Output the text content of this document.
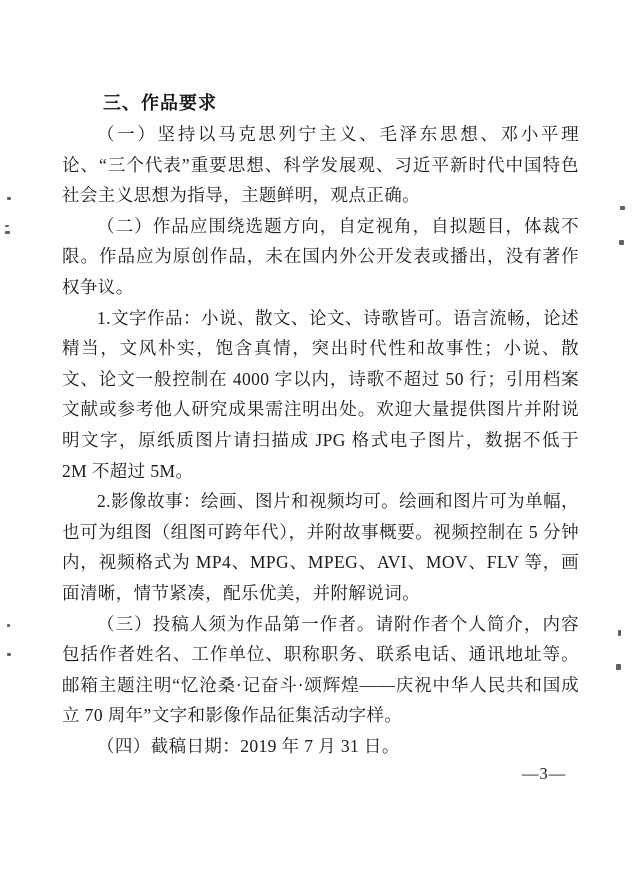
三、作品要求

（一）坚持以马克思列宁主义、毛泽东思想、邓小平理论、“三个代表”重要思想、科学发展观、习近平新时代中国特色社会主义思想为指导，主题鲜明，观点正确。

（二）作品应围绕选题方向，自定视角，自拟题目，体裁不限。作品应为原创作品，未在国内外公开发表或播出，没有著作权争议。

1.文字作品：小说、散文、论文、诗歌皆可。语言流畅，论述精当，文风朴实，饱含真情，突出时代性和故事性；小说、散文、论文一般控制在 4000 字以内，诗歌不超过 50 行；引用档案文献或参考他人研究成果需注明出处。欢迎大量提供图片并附说明文字，原纸质图片请扫描成 JPG 格式电子图片，数据不低于 2M 不超过 5M。

2.影像故事：绘画、图片和视频均可。绘画和图片可为单幅，也可为组图（组图可跨年代），并附故事概要。视频控制在 5 分钟内，视频格式为 MP4、MPG、MPEG、AVI、MOV、FLV 等，画面清晰，情节紧凑，配乐优美，并附解说词。

（三）投稿人须为作品第一作者。请附作者个人简介，内容包括作者姓名、工作单位、职称职务、联系电话、通讯地址等。邮箱主题注明“忆沧桑·记奋斗·颂辉煌——庆祝中华人民共和国成立 70 周年”文字和影像作品征集活动字样。

（四）截稿日期：2019 年 7 月 31 日。

—3—
